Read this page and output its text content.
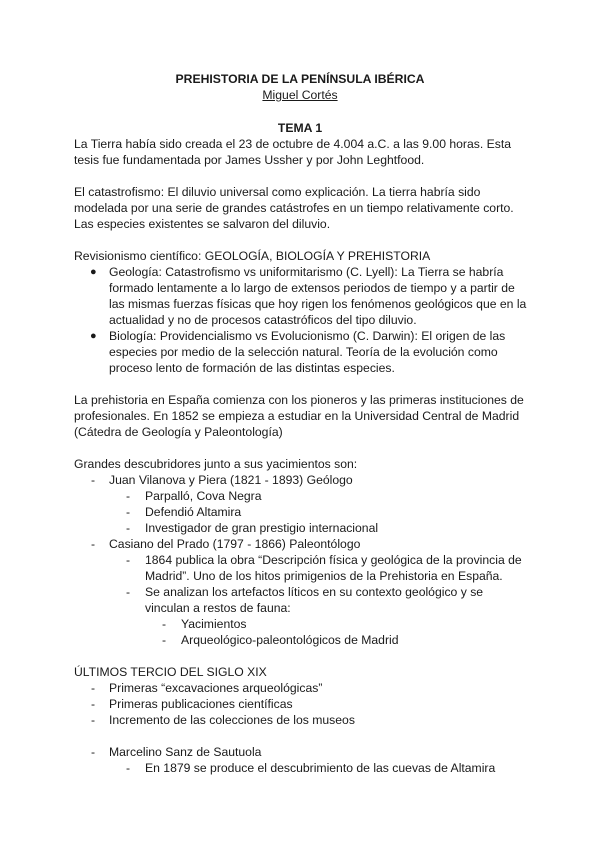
PREHISTORIA DE LA PENÍNSULA IBÉRICA
Miguel Cortés
TEMA 1
La Tierra había sido creada el 23 de octubre de 4.004 a.C. a las 9.00 horas. Esta
tesis fue fundamentada por James Ussher y por John Leghtfood.
El catastrofismo: El diluvio universal como explicación. La tierra habría sido
modelada por una serie de grandes catástrofes en un tiempo relativamente corto.
Las especies existentes se salvaron del diluvio.
Revisionismo científico: GEOLOGÍA, BIOLOGÍA Y PREHISTORIA
● Geología: Catastrofismo vs uniformitarismo (C. Lyell): La Tierra se habría
formado lentamente a lo largo de extensos periodos de tiempo y a partir de
las mismas fuerzas físicas que hoy rigen los fenómenos geológicos que en la
actualidad y no de procesos catastróficos del tipo diluvio.
● Biología: Providencialismo vs Evolucionismo (C. Darwin): El origen de las
especies por medio de la selección natural. Teoría de la evolución como
proceso lento de formación de las distintas especies.
La prehistoria en España comienza con los pioneros y las primeras instituciones de
profesionales. En 1852 se empieza a estudiar en la Universidad Central de Madrid
(Cátedra de Geología y Paleontología)
Grandes descubridores junto a sus yacimientos son:
- Juan Vilanova y Piera (1821 - 1893) Geólogo
- Parpalló, Cova Negra
- Defendió Altamira
- Investigador de gran prestigio internacional
- Casiano del Prado (1797 - 1866) Paleontólogo
- 1864 publica la obra “Descripción física y geológica de la provincia de
Madrid”. Uno de los hitos primigenios de la Prehistoria en España.
- Se analizan los artefactos líticos en su contexto geológico y se
vinculan a restos de fauna:
- Yacimientos
- Arqueológico-paleontológicos de Madrid
ÚLTIMOS TERCIO DEL SIGLO XIX
- Primeras “excavaciones arqueológicas”
- Primeras publicaciones científicas
- Incremento de las colecciones de los museos
- Marcelino Sanz de Sautuola
- En 1879 se produce el descubrimiento de las cuevas de Altamira
